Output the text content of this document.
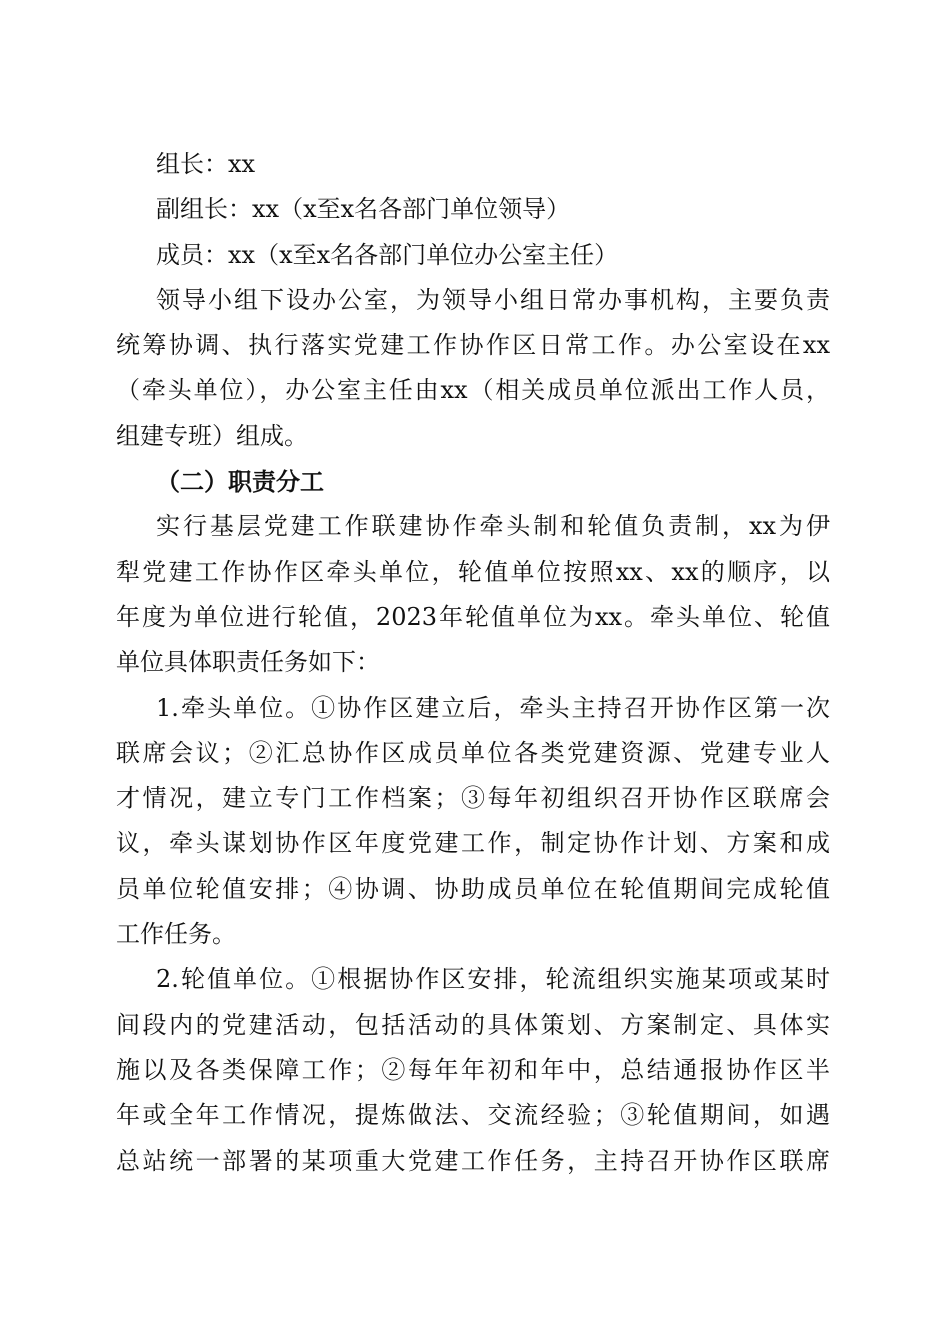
组长：xx
副组长：xx（x至x名各部门单位领导）
成员：xx（x至x名各部门单位办公室主任）
领导小组下设办公室，为领导小组日常办事机构，主要负责
统筹协调、执行落实党建工作协作区日常工作。办公室设在xx
（牵头单位），办公室主任由xx（相关成员单位派出工作人员，
组建专班）组成。
（二）职责分工
实行基层党建工作联建协作牵头制和轮值负责制，xx为伊
犁党建工作协作区牵头单位，轮值单位按照xx、xx的顺序，以
年度为单位进行轮值，2023年轮值单位为xx。牵头单位、轮值
单位具体职责任务如下：
1.牵头单位。①协作区建立后，牵头主持召开协作区第一次
联席会议；②汇总协作区成员单位各类党建资源、党建专业人
才情况，建立专门工作档案；③每年初组织召开协作区联席会
议，牵头谋划协作区年度党建工作，制定协作计划、方案和成
员单位轮值安排；④协调、协助成员单位在轮值期间完成轮值
工作任务。
2.轮值单位。①根据协作区安排，轮流组织实施某项或某时
间段内的党建活动，包括活动的具体策划、方案制定、具体实
施以及各类保障工作；②每年年初和年中，总结通报协作区半
年或全年工作情况，提炼做法、交流经验；③轮值期间，如遇
总站统一部署的某项重大党建工作任务，主持召开协作区联席
